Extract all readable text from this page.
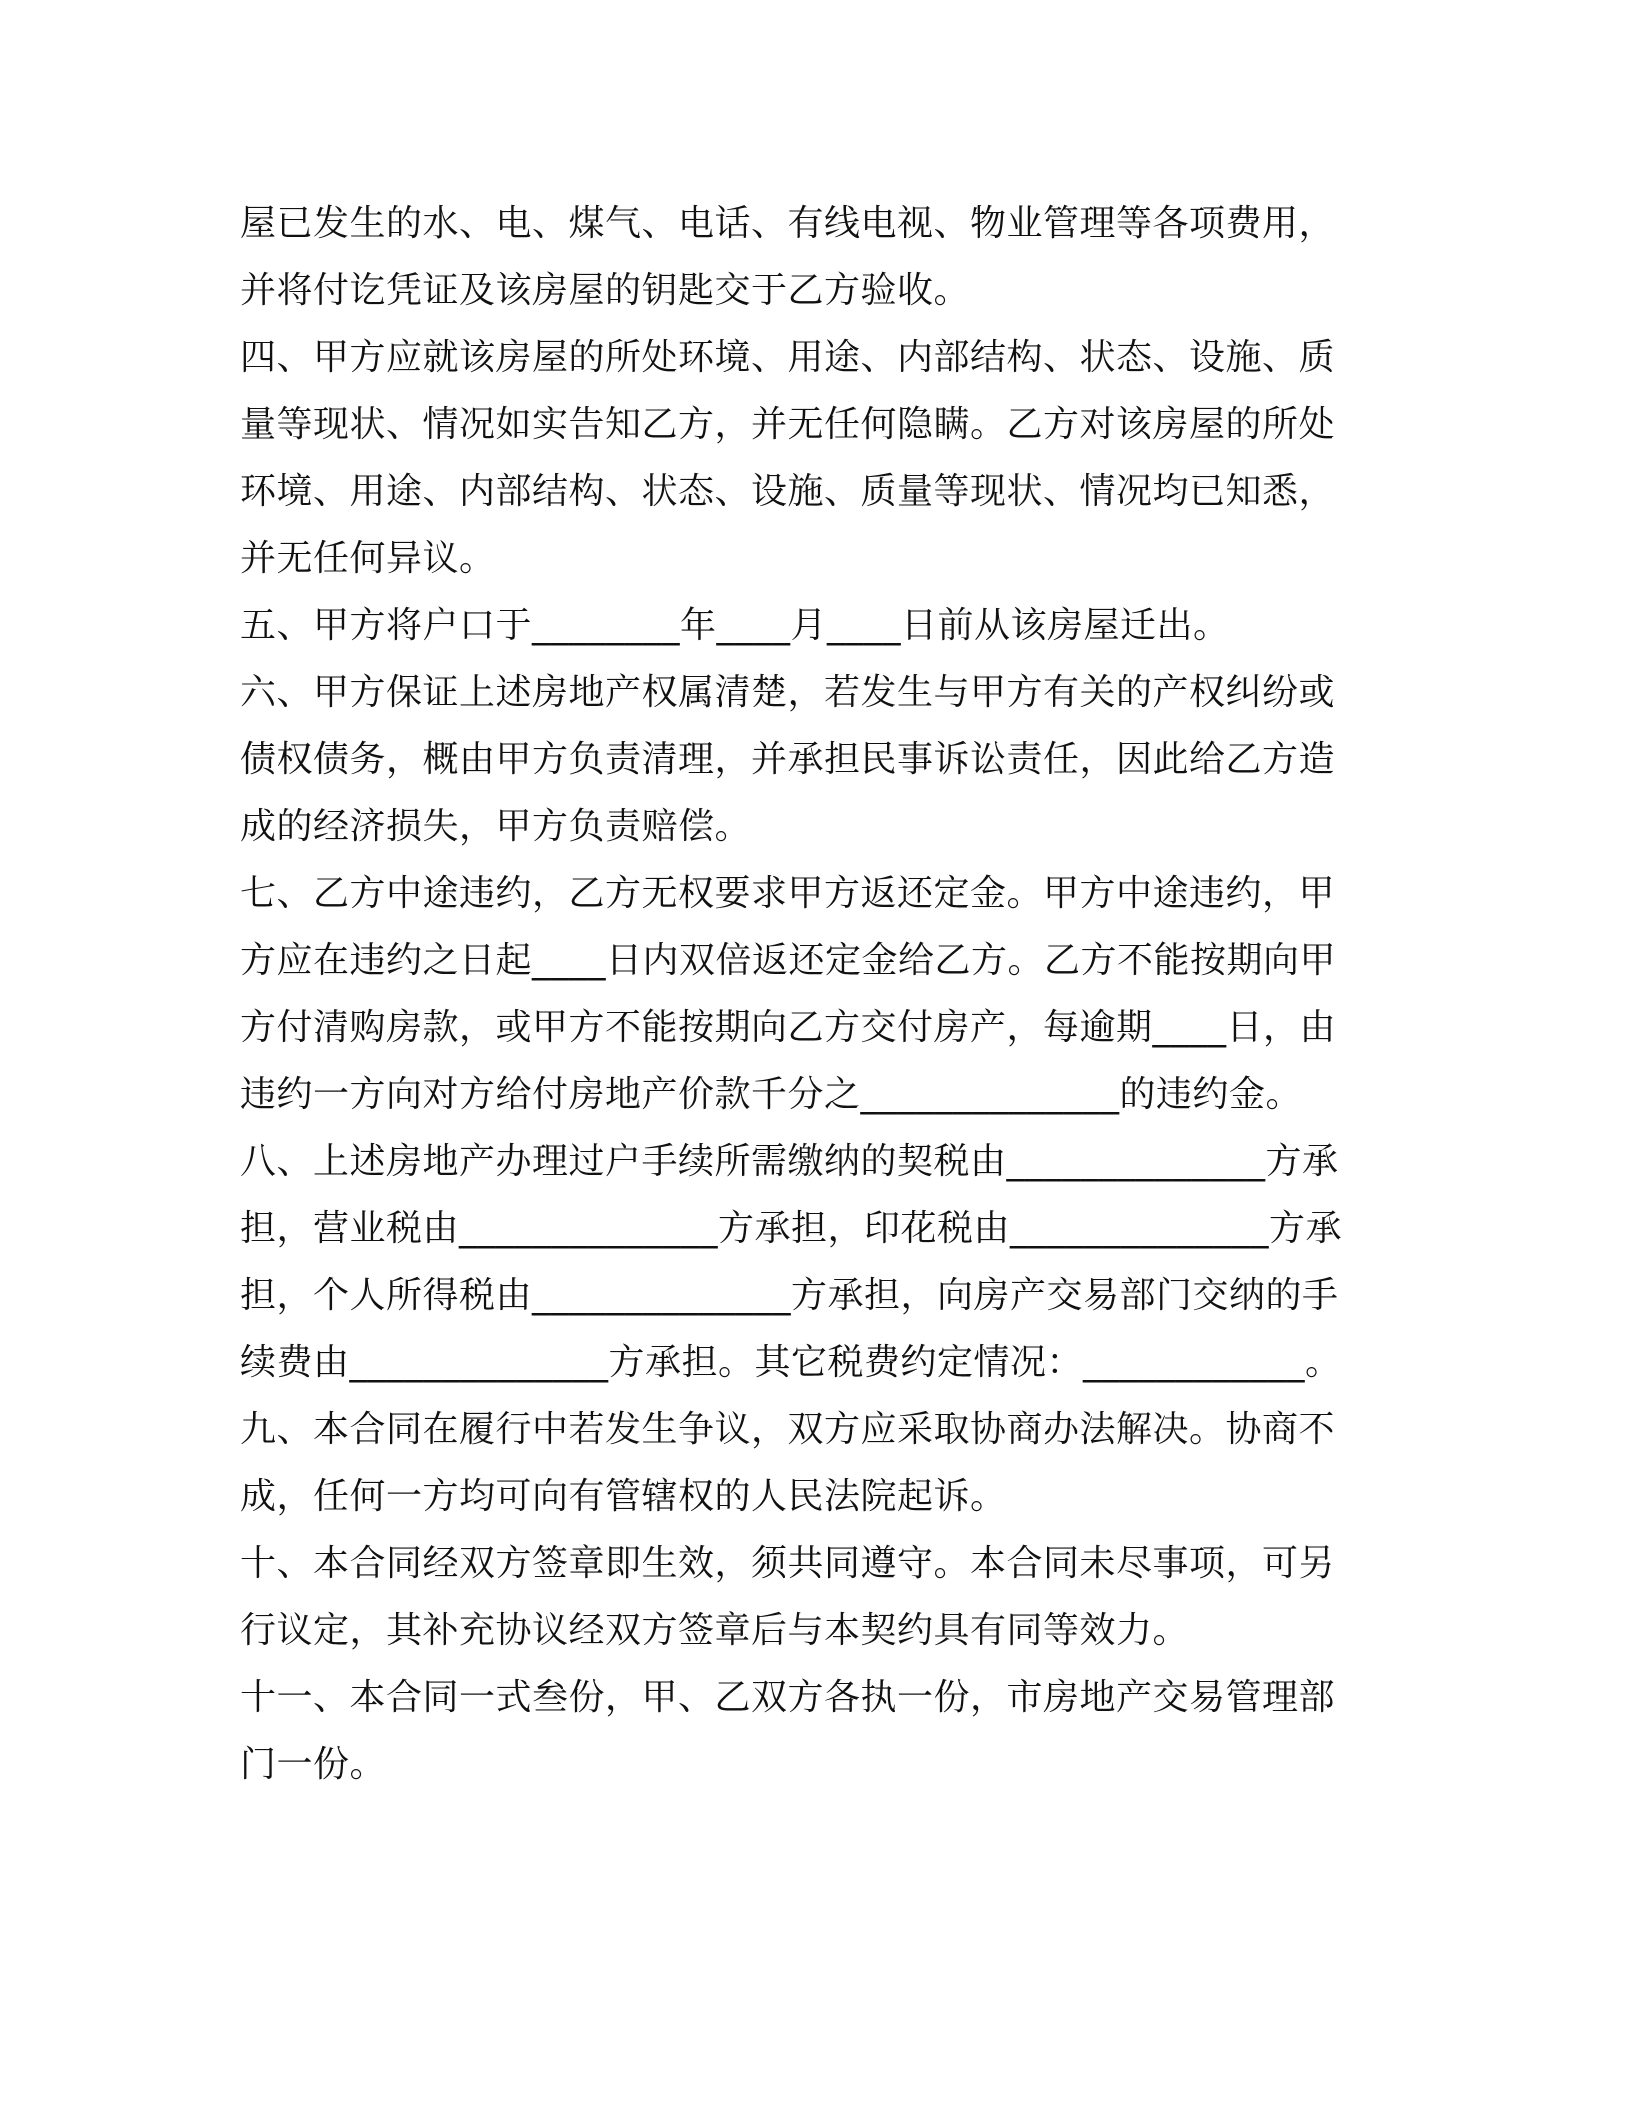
屋已发生的水、电、煤气、电话、有线电视、物业管理等各项费用，
并将付讫凭证及该房屋的钥匙交于乙方验收。
四、甲方应就该房屋的所处环境、用途、内部结构、状态、设施、质
量等现状、情况如实告知乙方，并无任何隐瞒。乙方对该房屋的所处
环境、用途、内部结构、状态、设施、质量等现状、情况均已知悉，
并无任何异议。
五、甲方将户口于________年____月____日前从该房屋迁出。
六、甲方保证上述房地产权属清楚，若发生与甲方有关的产权纠纷或
债权债务，概由甲方负责清理，并承担民事诉讼责任，因此给乙方造
成的经济损失，甲方负责赔偿。
七、乙方中途违约，乙方无权要求甲方返还定金。甲方中途违约，甲
方应在违约之日起____日内双倍返还定金给乙方。乙方不能按期向甲
方付清购房款，或甲方不能按期向乙方交付房产，每逾期____日，由
违约一方向对方给付房地产价款千分之______________的违约金。
八、上述房地产办理过户手续所需缴纳的契税由______________方承
担，营业税由______________方承担，印花税由______________方承
担，个人所得税由______________方承担，向房产交易部门交纳的手
续费由______________方承担。其它税费约定情况：____________。
九、本合同在履行中若发生争议，双方应采取协商办法解决。协商不
成，任何一方均可向有管辖权的人民法院起诉。
十、本合同经双方签章即生效，须共同遵守。本合同未尽事项，可另
行议定，其补充协议经双方签章后与本契约具有同等效力。
十一、本合同一式叁份，甲、乙双方各执一份，市房地产交易管理部
门一份。
